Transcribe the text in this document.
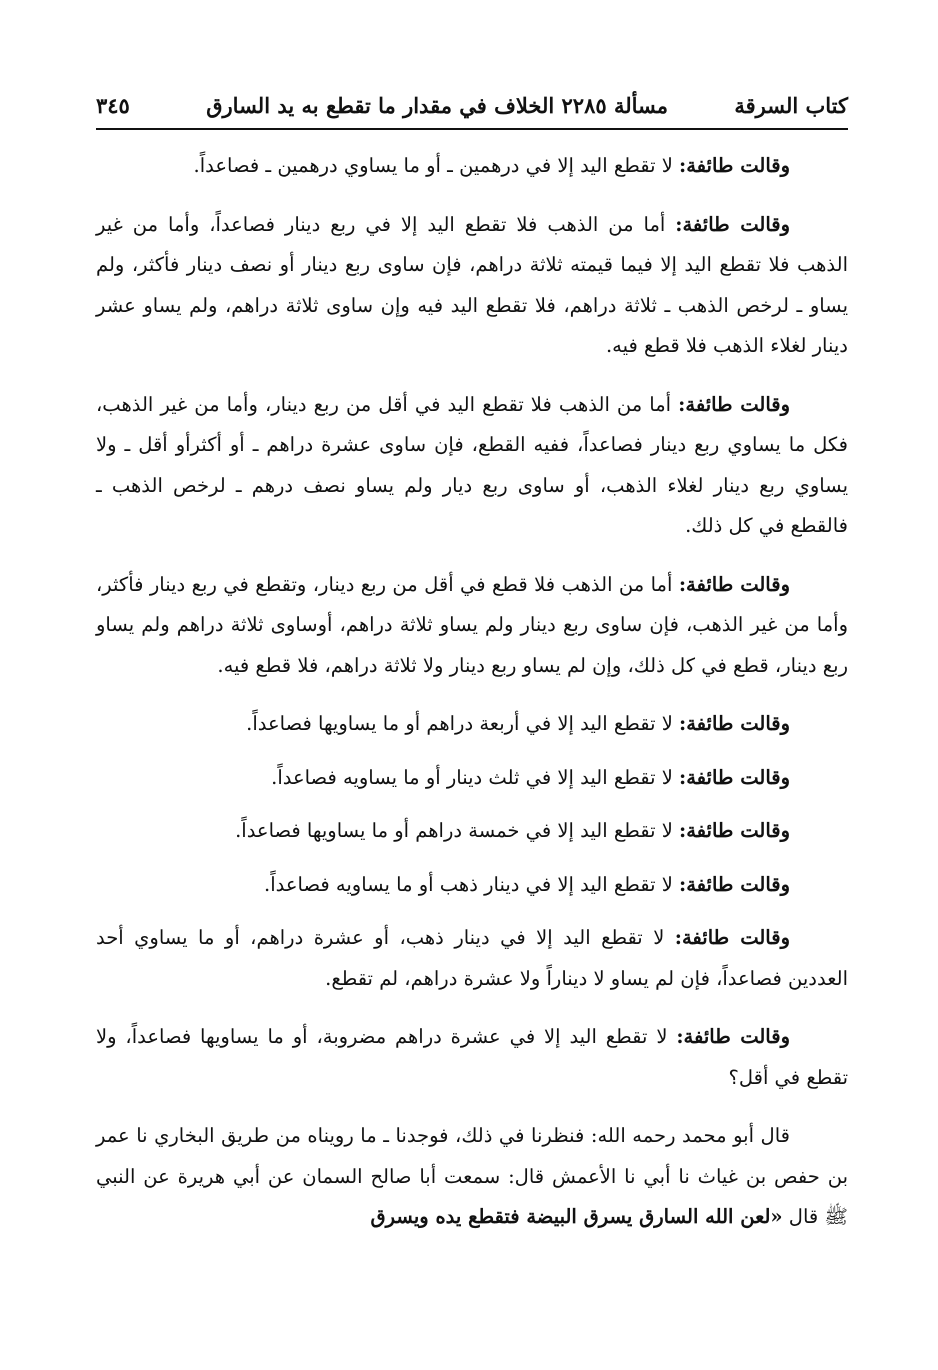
كتاب السرقة
مسألة ٢٢٨٥ الخلاف في مقدار ما تقطع به يد السارق
٣٤٥

وقالت طائفة: لا تقطع اليد إلا في درهمين ـ أو ما يساوي درهمين ـ فصاعداً.

وقالت طائفة: أما من الذهب فلا تقطع اليد إلا في ربع دينار فصاعداً، وأما من غير الذهب فلا تقطع اليد إلا فيما قيمته ثلاثة دراهم، فإن ساوى ربع دينار أو نصف دينار فأكثر، ولم يساو ـ لرخص الذهب ـ ثلاثة دراهم، فلا تقطع اليد فيه وإن ساوى ثلاثة دراهم، ولم يساو عشر دينار لغلاء الذهب فلا قطع فيه.

وقالت طائفة: أما من الذهب فلا تقطع اليد في أقل من ربع دينار، وأما من غير الذهب، فكل ما يساوي ربع دينار فصاعداً، ففيه القطع، فإن ساوى عشرة دراهم ـ أو أكثرأو أقل ـ ولا يساوي ربع دينار لغلاء الذهب، أو ساوى ربع ديار ولم يساو نصف درهم ـ لرخص الذهب ـ فالقطع في كل ذلك.

وقالت طائفة: أما من الذهب فلا قطع في أقل من ربع دينار، وتقطع في ربع دينار فأكثر، وأما من غير الذهب، فإن ساوى ربع دينار ولم يساو ثلاثة دراهم، أوساوى ثلاثة دراهم ولم يساو ربع دينار، قطع في كل ذلك، وإن لم يساو ربع دينار ولا ثلاثة دراهم، فلا قطع فيه.

وقالت طائفة: لا تقطع اليد إلا في أربعة دراهم أو ما يساويها فصاعداً.

وقالت طائفة: لا تقطع اليد إلا في ثلث دينار أو ما يساويه فصاعداً.

وقالت طائفة: لا تقطع اليد إلا في خمسة دراهم أو ما يساويها فصاعداً.

وقالت طائفة: لا تقطع اليد إلا في دينار ذهب أو ما يساويه فصاعداً.

وقالت طائفة: لا تقطع اليد إلا في دينار ذهب، أو عشرة دراهم، أو ما يساوي أحد العددين فصاعداً، فإن لم يساو لا ديناراً ولا عشرة دراهم، لم تقطع.

وقالت طائفة: لا تقطع اليد إلا في عشرة دراهم مضروبة، أو ما يساويها فصاعداً، ولا تقطع في أقل؟

قال أبو محمد رحمه الله: فنظرنا في ذلك، فوجدنا ـ ما رويناه من طريق البخاري نا عمر بن حفص بن غياث نا أبي نا الأعمش قال: سمعت أبا صالح السمان عن أبي هريرة عن النبي ﷺ قال «لعن الله السارق يسرق البيضة فتقطع يده ويسرق
